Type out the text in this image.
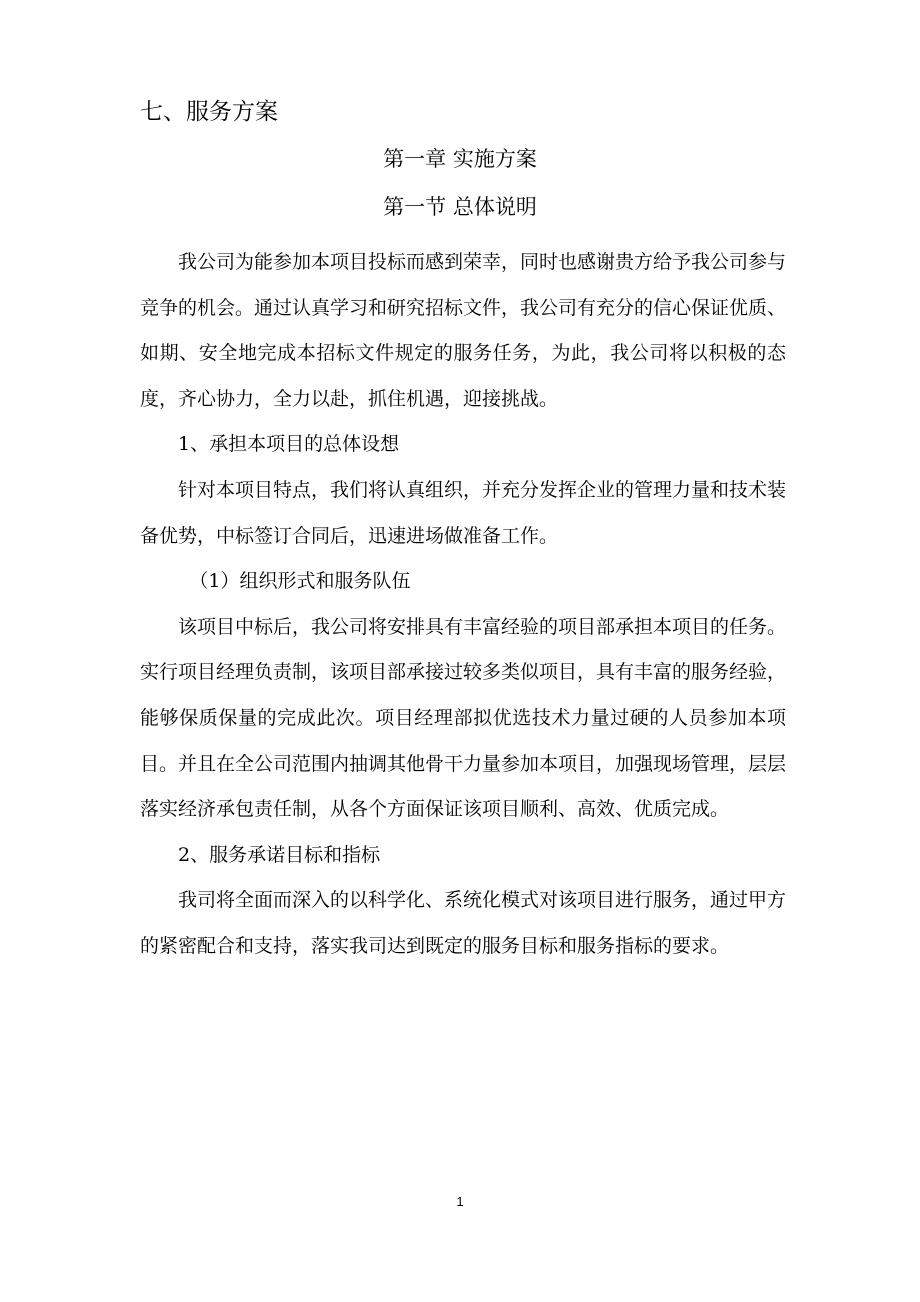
七、服务方案
第一章 实施方案
第一节 总体说明

我公司为能参加本项目投标而感到荣幸，同时也感谢贵方给予我公司参与竞争的机会。通过认真学习和研究招标文件，我公司有充分的信心保证优质、如期、安全地完成本招标文件规定的服务任务，为此，我公司将以积极的态度，齐心协力，全力以赴，抓住机遇，迎接挑战。

1、承担本项目的总体设想

针对本项目特点，我们将认真组织，并充分发挥企业的管理力量和技术装备优势，中标签订合同后，迅速进场做准备工作。

（1）组织形式和服务队伍

该项目中标后，我公司将安排具有丰富经验的项目部承担本项目的任务。实行项目经理负责制，该项目部承接过较多类似项目，具有丰富的服务经验，能够保质保量的完成此次。项目经理部拟优选技术力量过硬的人员参加本项目。并且在全公司范围内抽调其他骨干力量参加本项目，加强现场管理，层层落实经济承包责任制，从各个方面保证该项目顺利、高效、优质完成。

2、服务承诺目标和指标

我司将全面而深入的以科学化、系统化模式对该项目进行服务，通过甲方的紧密配合和支持，落实我司达到既定的服务目标和服务指标的要求。

1
